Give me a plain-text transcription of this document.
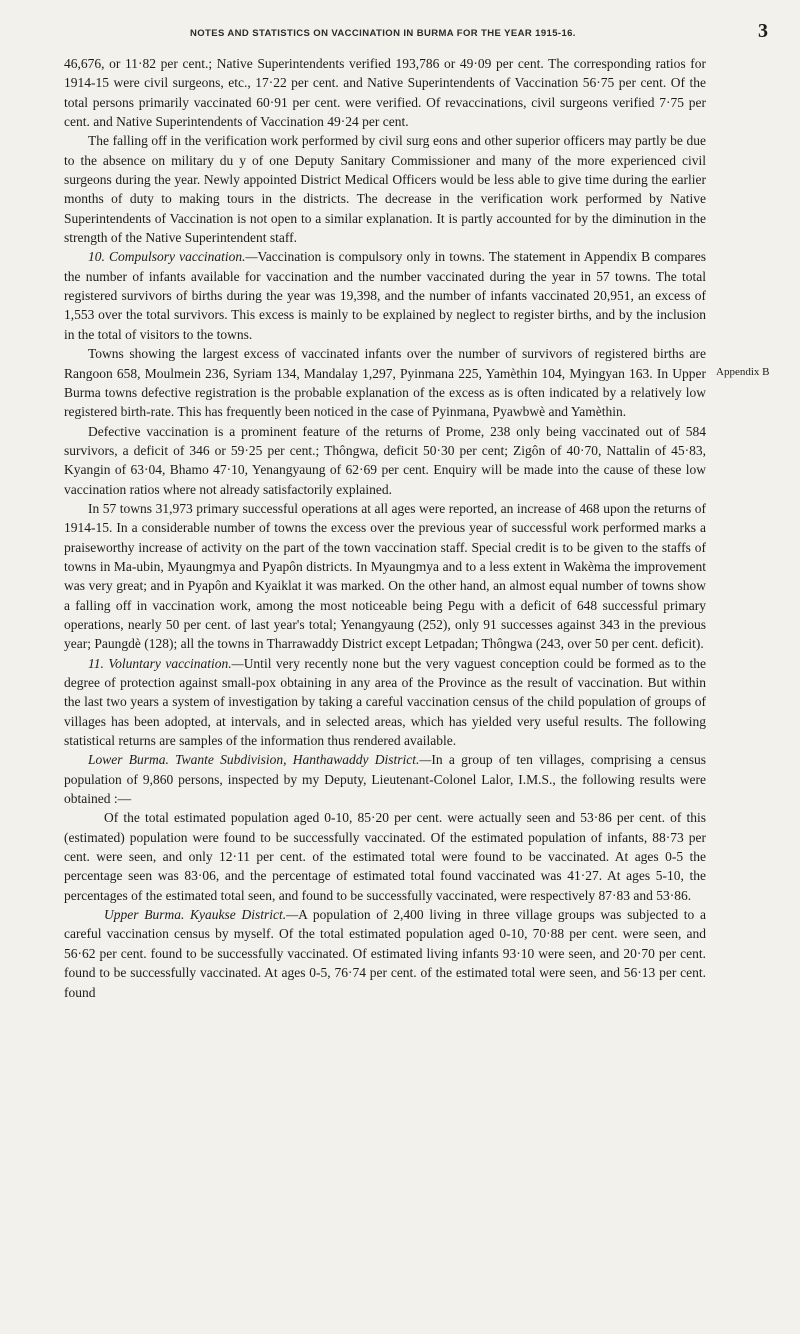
NOTES AND STATISTICS ON VACCINATION IN BURMA FOR THE YEAR 1915-16.	3
Appendix B

46,676, or 11·82 per cent.; Native Superintendents verified 193,786 or 49·09 per cent. The corresponding ratios for 1914-15 were civil surgeons, etc., 17·22 per cent. and Native Superintendents of Vaccination 56·75 per cent. Of the total persons primarily vaccinated 60·91 per cent. were verified. Of revaccinations, civil surgeons verified 7·75 per cent. and Native Superintendents of Vaccination 49·24 per cent.

The falling off in the verification work performed by civil surg eons and other superior officers may partly be due to the absence on military du y of one Deputy Sanitary Commissioner and many of the more experienced civil surgeons during the year. Newly appointed District Medical Officers would be less able to give time during the earlier months of duty to making tours in the districts. The decrease in the verification work performed by Native Superintendents of Vaccination is not open to a similar explanation. It is partly accounted for by the diminution in the strength of the Native Superintendent staff.

10. Compulsory vaccination.—Vaccination is compulsory only in towns. The statement in Appendix B compares the number of infants available for vaccination and the number vaccinated during the year in 57 towns. The total registered survivors of births during the year was 19,398, and the number of infants vaccinated 20,951, an excess of 1,553 over the total survivors. This excess is mainly to be explained by neglect to register births, and by the inclusion in the total of visitors to the towns.

Towns showing the largest excess of vaccinated infants over the number of survivors of registered births are Rangoon 658, Moulmein 236, Syriam 134, Mandalay 1,297, Pyinmana 225, Yamèthin 104, Myingyan 163. In Upper Burma towns defective registration is the probable explanation of the excess as is often indicated by a relatively low registered birth-rate. This has frequently been noticed in the case of Pyinmana, Pyawbwè and Yamèthin.

Defective vaccination is a prominent feature of the returns of Prome, 238 only being vaccinated out of 584 survivors, a deficit of 346 or 59·25 per cent.; Thôngwa, deficit 50·30 per cent; Zigôn of 40·70, Nattalin of 45·83, Kyangin of 63·04, Bhamo 47·10, Yenangyaung of 62·69 per cent. Enquiry will be made into the cause of these low vaccination ratios where not already satisfactorily explained.

In 57 towns 31,973 primary successful operations at all ages were reported, an increase of 468 upon the returns of 1914-15. In a considerable number of towns the excess over the previous year of successful work performed marks a praiseworthy increase of activity on the part of the town vaccination staff. Special credit is to be given to the staffs of towns in Ma-ubin, Myaungmya and Pyapôn districts. In Myaungmya and to a less extent in Wakèma the improvement was very great; and in Pyapôn and Kyaiklat it was marked. On the other hand, an almost equal number of towns show a falling off in vaccination work, among the most noticeable being Pegu with a deficit of 648 successful primary operations, nearly 50 per cent. of last year's total; Yenangyaung (252), only 91 successes against 343 in the previous year; Paungdè (128); all the towns in Tharrawaddy District except Letpadan; Thôngwa (243, over 50 per cent. deficit).

11. Voluntary vaccination.—Until very recently none but the very vaguest conception could be formed as to the degree of protection against small-pox obtaining in any area of the Province as the result of vaccination. But within the last two years a system of investigation by taking a careful vaccination census of the child population of groups of villages has been adopted, at intervals, and in selected areas, which has yielded very useful results. The following statistical returns are samples of the information thus rendered available.

Lower Burma. Twante Subdivision, Hanthawaddy District.—In a group of ten villages, comprising a census population of 9,860 persons, inspected by my Deputy, Lieutenant-Colonel Lalor, I.M.S., the following results were obtained :—

Of the total estimated population aged 0-10, 85·20 per cent. were actually seen and 53·86 per cent. of this (estimated) population were found to be successfully vaccinated. Of the estimated population of infants, 88·73 per cent. were seen, and only 12·11 per cent. of the estimated total were found to be vaccinated. At ages 0-5 the percentage seen was 83·06, and the percentage of estimated total found vaccinated was 41·27. At ages 5-10, the percentages of the estimated total seen, and found to be successfully vaccinated, were respectively 87·83 and 53·86.

Upper Burma. Kyaukse District.—A population of 2,400 living in three village groups was subjected to a careful vaccination census by myself. Of the total estimated population aged 0-10, 70·88 per cent. were seen, and 56·62 per cent. found to be successfully vaccinated. Of estimated living infants 93·10 were seen, and 20·70 per cent. found to be successfully vaccinated. At ages 0-5, 76·74 per cent. of the estimated total were seen, and 56·13 per cent. found
